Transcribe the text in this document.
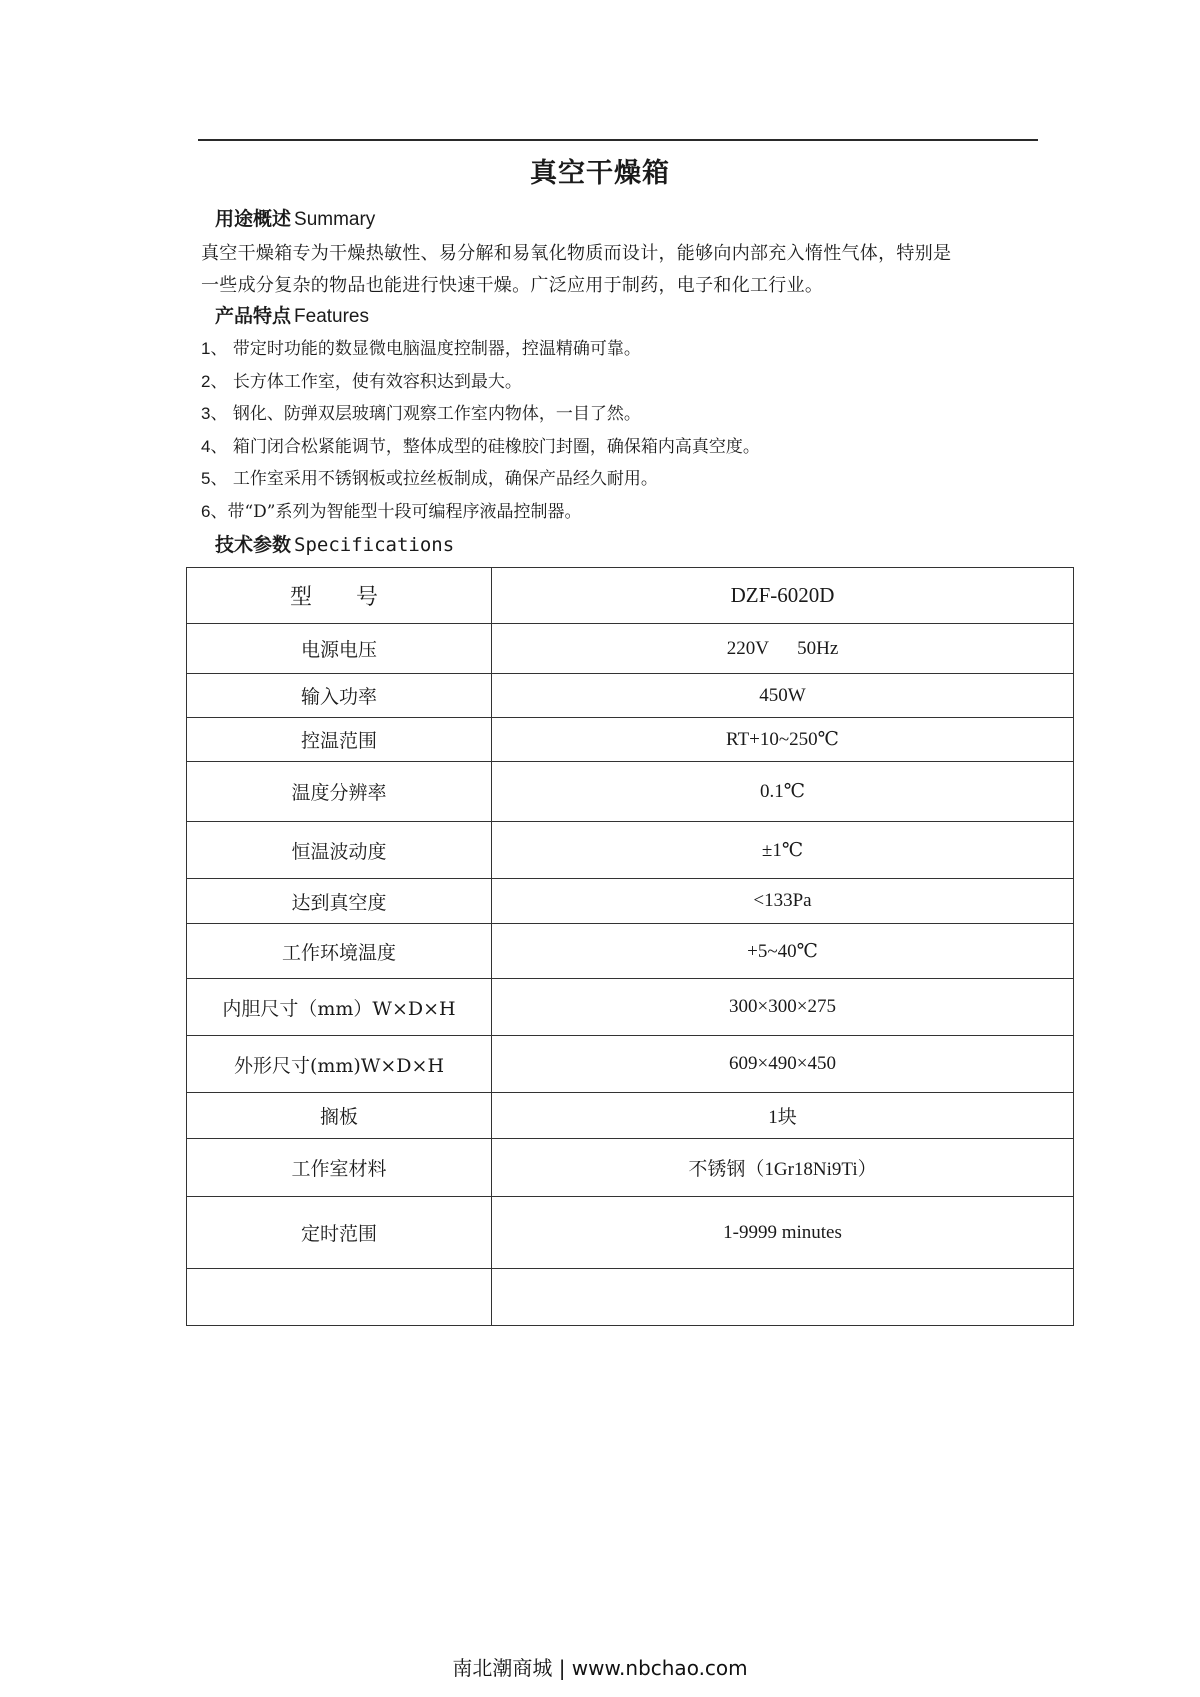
真空干燥箱
用途概述 Summary

真空干燥箱专为干燥热敏性、易分解和易氧化物质而设计，能够向内部充入惰性气体，特别是

一些成分复杂的物品也能进行快速干燥。广泛应用于制药，电子和化工行业。

产品特点 Features
1、 带定时功能的数显微电脑温度控制器，控温精确可靠。
2、 长方体工作室，使有效容积达到最大。
3、 钢化、防弹双层玻璃门观察工作室内物体，一目了然。
4、 箱门闭合松紧能调节，整体成型的硅橡胶门封圈，确保箱内高真空度。
5、 工作室采用不锈钢板或拉丝板制成，确保产品经久耐用。
6、带“D”系列为智能型十段可编程序液晶控制器。
技术参数 Specifications
型  号	DZF-6020D
电源电压	220V      50Hz
输入功率	450W
控温范围	RT+10~250℃
温度分辨率	0.1℃
恒温波动度	±1℃
达到真空度	<133Pa
工作环境温度	+5~40℃
内胆尺寸（mm）W×D×H	300×300×275
外形尺寸(mm)W×D×H	609×490×450
搁板	1块
工作室材料	不锈钢（1Gr18Ni9Ti）
定时范围	1-9999 minutes

南北潮商城 | www.nbchao.com
